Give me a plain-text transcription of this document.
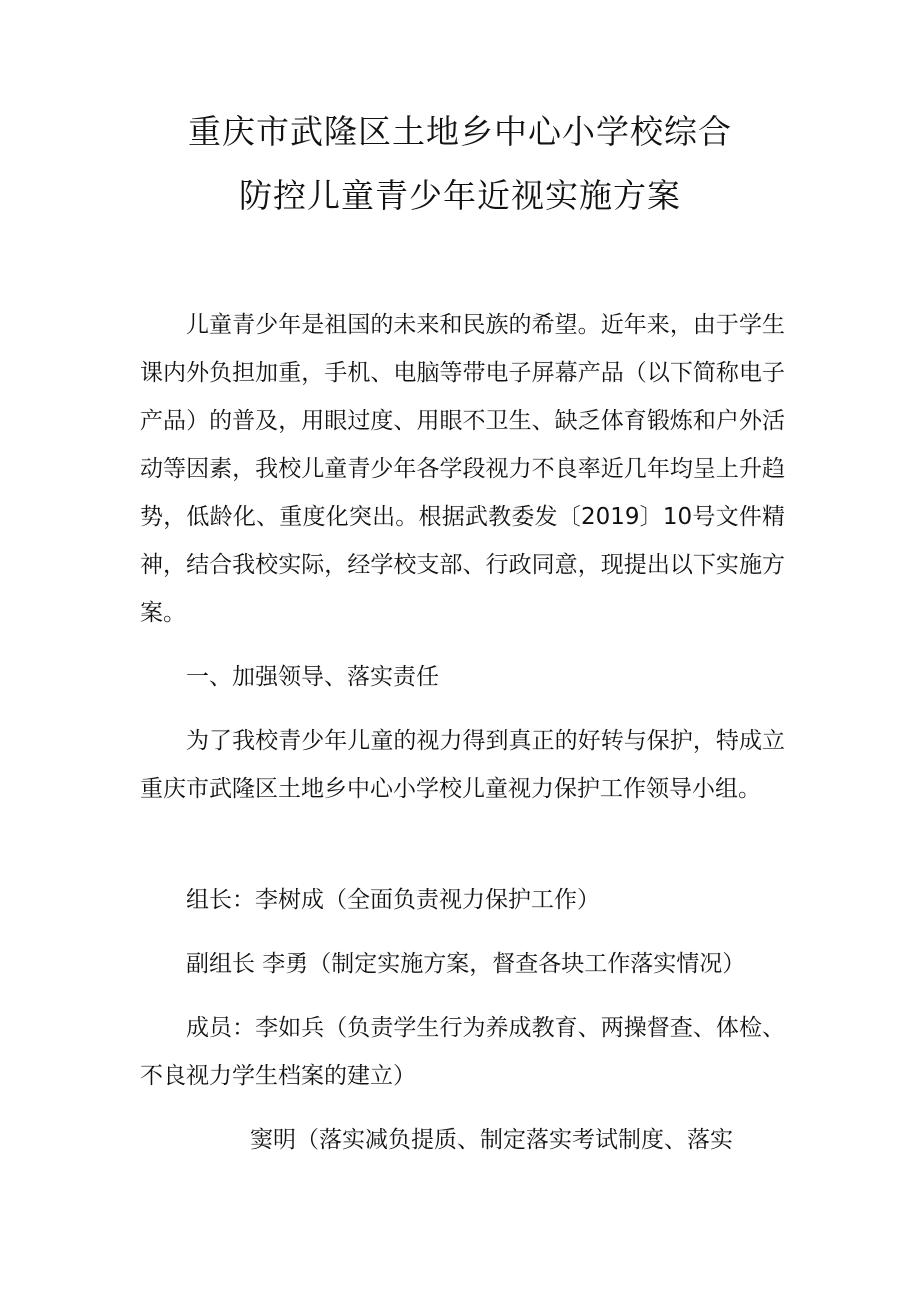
重庆市武隆区土地乡中心小学校综合
防控儿童青少年近视实施方案

儿童青少年是祖国的未来和民族的希望。近年来，由于学生课内外负担加重，手机、电脑等带电子屏幕产品（以下简称电子产品）的普及，用眼过度、用眼不卫生、缺乏体育锻炼和户外活动等因素，我校儿童青少年各学段视力不良率近几年均呈上升趋势，低龄化、重度化突出。根据武教委发〔2019〕10号文件精神，结合我校实际，经学校支部、行政同意，现提出以下实施方案。

一、加强领导、落实责任

为了我校青少年儿童的视力得到真正的好转与保护，特成立重庆市武隆区土地乡中心小学校儿童视力保护工作领导小组。

组长：李树成（全面负责视力保护工作）

副组长 李勇（制定实施方案，督查各块工作落实情况）

成员：李如兵（负责学生行为养成教育、两操督查、体检、不良视力学生档案的建立）

窦明（落实减负提质、制定落实考试制度、落实
